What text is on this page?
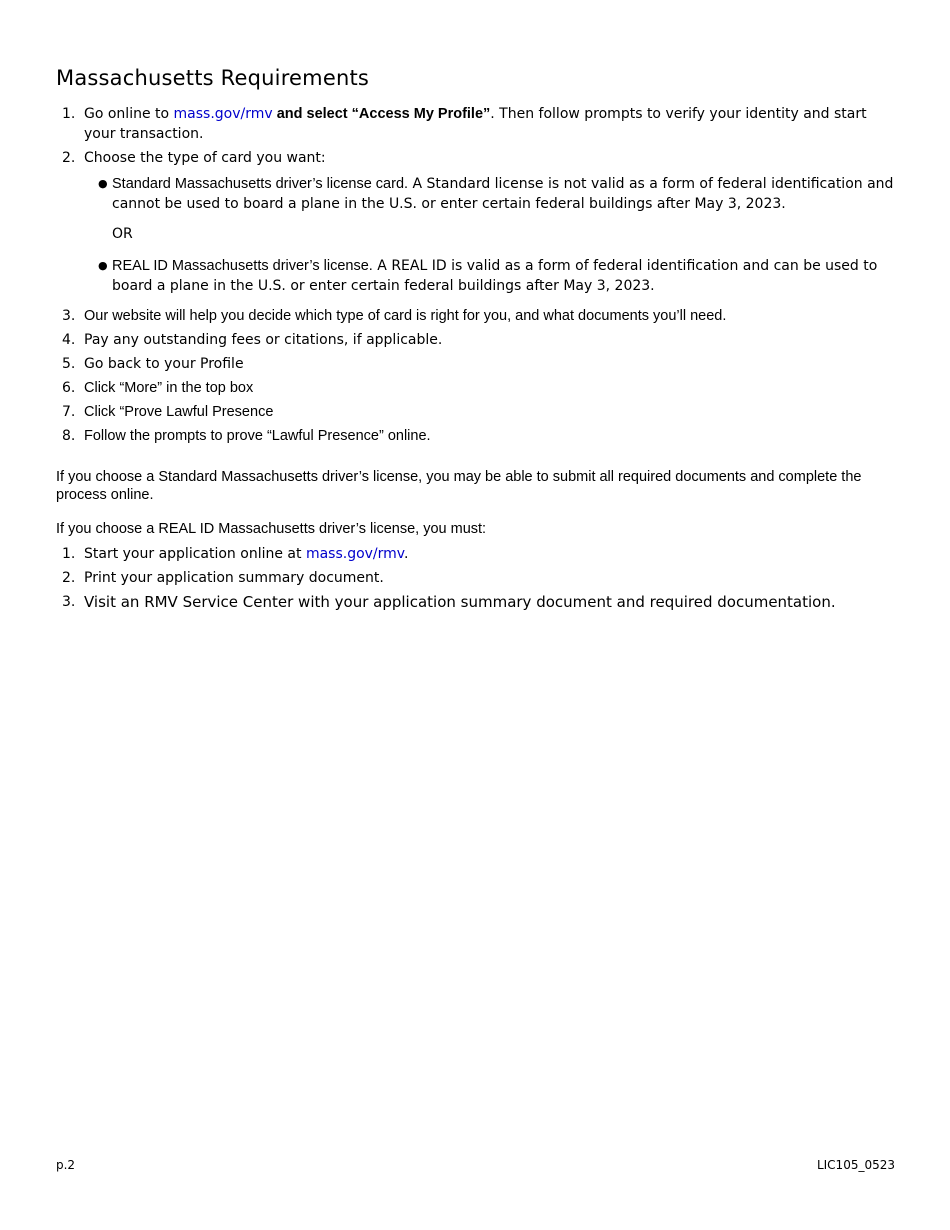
Massachusetts Requirements
1. Go online to mass.gov/rmv and select “Access My Profile”. Then follow prompts to verify your identity and start your transaction.
2. Choose the type of card you want:
● Standard Massachusetts driver’s license card. A Standard license is not valid as a form of federal identification and cannot be used to board a plane in the U.S. or enter certain federal buildings after May 3, 2023.
OR
● REAL ID Massachusetts driver’s license. A REAL ID is valid as a form of federal identification and can be used to board a plane in the U.S. or enter certain federal buildings after May 3, 2023.
3. Our website will help you decide which type of card is right for you, and what documents you’ll need.
4. Pay any outstanding fees or citations, if applicable.
5. Go back to your Profile
6. Click “More” in the top box
7. Click “Prove Lawful Presence
8. Follow the prompts to prove “Lawful Presence” online.

If you choose a Standard Massachusetts driver’s license, you may be able to submit all required documents and complete the process online.

If you choose a REAL ID Massachusetts driver’s license, you must:

1. Start your application online at mass.gov/rmv.
2. Print your application summary document.
3. Visit an RMV Service Center with your application summary document and required documentation.
p.2	LIC105_0523
